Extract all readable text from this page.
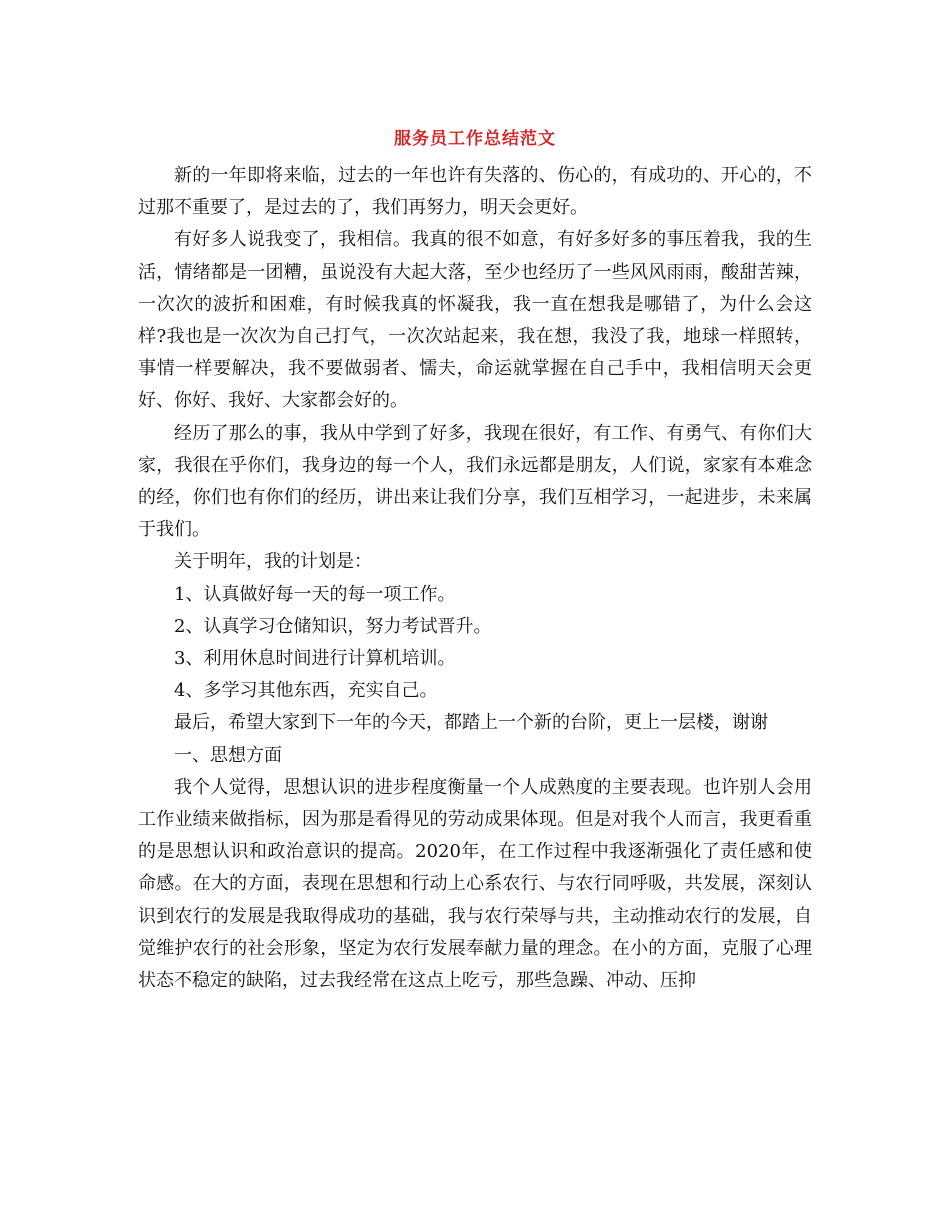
服务员工作总结范文

新的一年即将来临，过去的一年也许有失落的、伤心的，有成功的、开心的，不过那不重要了，是过去的了，我们再努力，明天会更好。

有好多人说我变了，我相信。我真的很不如意，有好多好多的事压着我，我的生活，情绪都是一团糟，虽说没有大起大落，至少也经历了一些风风雨雨，酸甜苦辣，一次次的波折和困难，有时候我真的怀凝我，我一直在想我是哪错了，为什么会这样?我也是一次次为自己打气，一次次站起来，我在想，我没了我，地球一样照转，事情一样要解决，我不要做弱者、懦夫，命运就掌握在自己手中，我相信明天会更好、你好、我好、大家都会好的。

经历了那么的事，我从中学到了好多，我现在很好，有工作、有勇气、有你们大家，我很在乎你们，我身边的每一个人，我们永远都是朋友，人们说，家家有本难念的经，你们也有你们的经历，讲出来让我们分享，我们互相学习，一起进步，未来属于我们。

关于明年，我的计划是：

1、认真做好每一天的每一项工作。

2、认真学习仓储知识，努力考试晋升。

3、利用休息时间进行计算机培训。

4、多学习其他东西，充实自己。

最后，希望大家到下一年的今天，都踏上一个新的台阶，更上一层楼，谢谢

一、思想方面

我个人觉得，思想认识的进步程度衡量一个人成熟度的主要表现。也许别人会用工作业绩来做指标，因为那是看得见的劳动成果体现。但是对我个人而言，我更看重的是思想认识和政治意识的提高。2020年，在工作过程中我逐渐强化了责任感和使命感。在大的方面，表现在思想和行动上心系农行、与农行同呼吸，共发展，深刻认识到农行的发展是我取得成功的基础，我与农行荣辱与共，主动推动农行的发展，自觉维护农行的社会形象，坚定为农行发展奉献力量的理念。在小的方面，克服了心理状态不稳定的缺陷，过去我经常在这点上吃亏，那些急躁、冲动、压抑
